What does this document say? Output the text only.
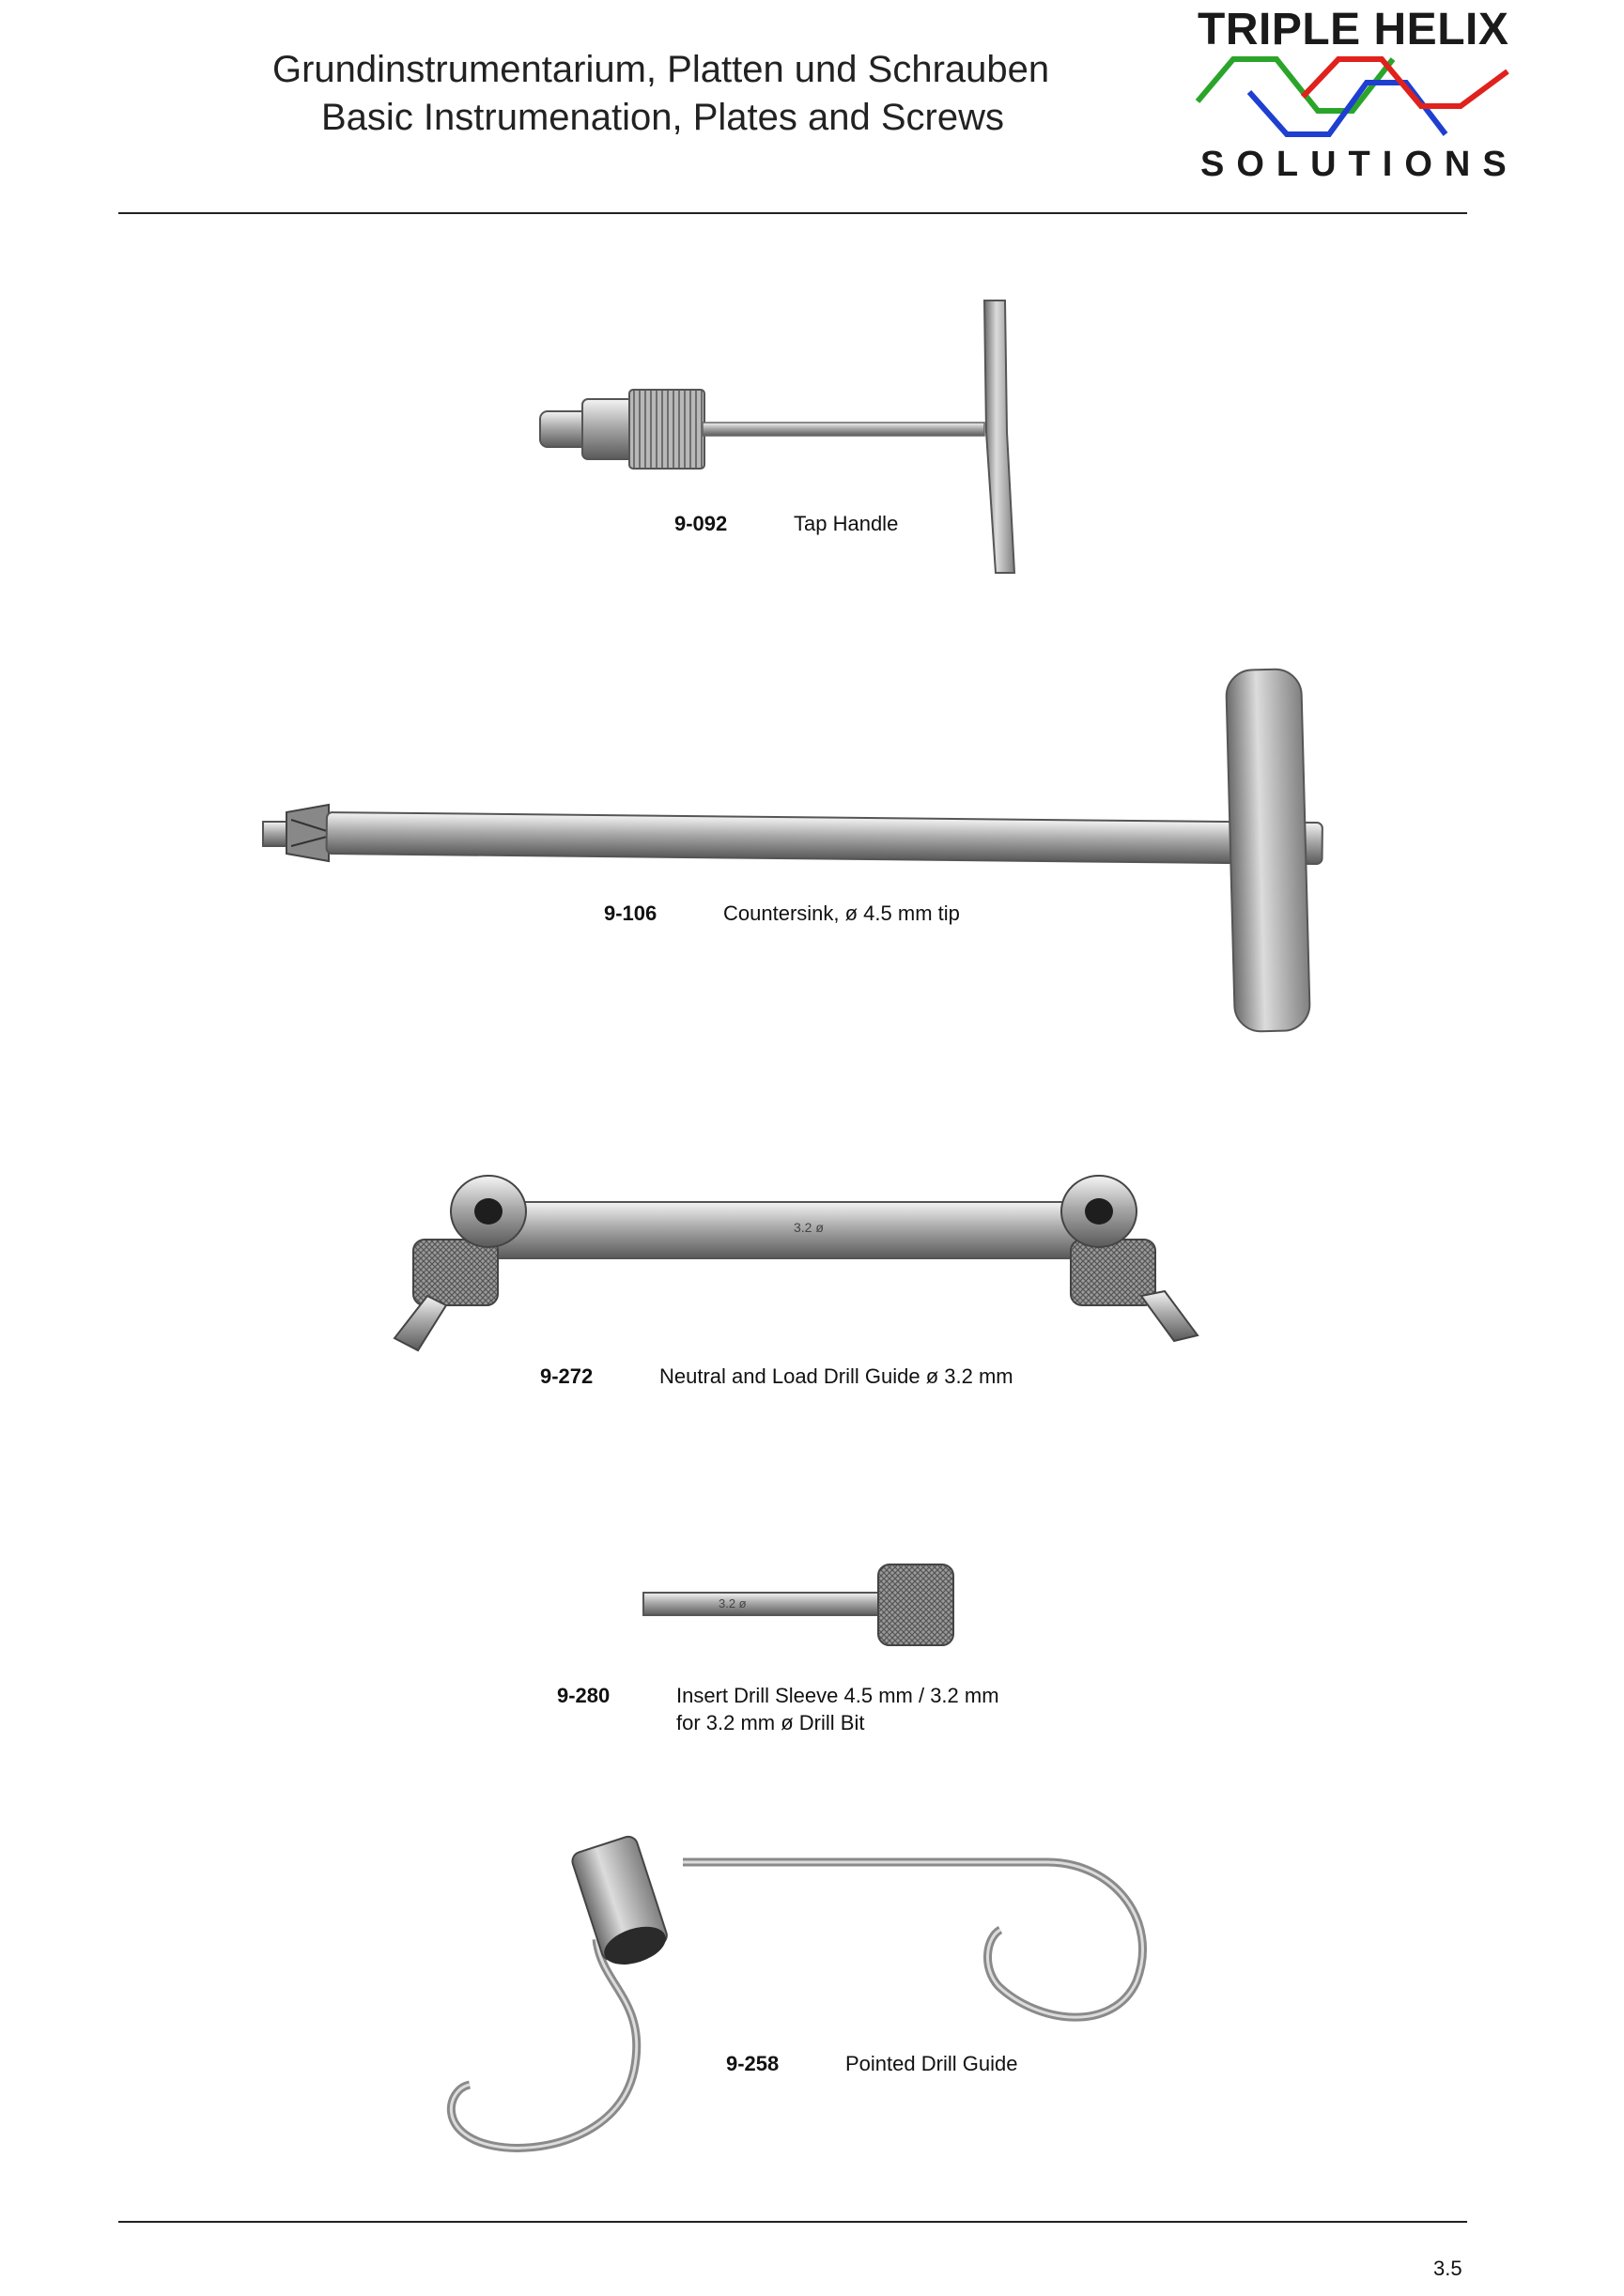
Grundinstrumentarium, Platten und Schrauben
Basic Instrumenation, Plates and Screws
TRIPLE HELIX
SOLUTIONS
9-092	Tap Handle
9-106	Countersink, ø 4.5 mm tip
3.2 ø
9-272	Neutral and Load Drill Guide ø 3.2 mm
3.2 ø
9-280	Insert Drill Sleeve 4.5 mm / 3.2 mm
for 3.2 mm ø Drill Bit
9-258	Pointed Drill Guide
3.5
